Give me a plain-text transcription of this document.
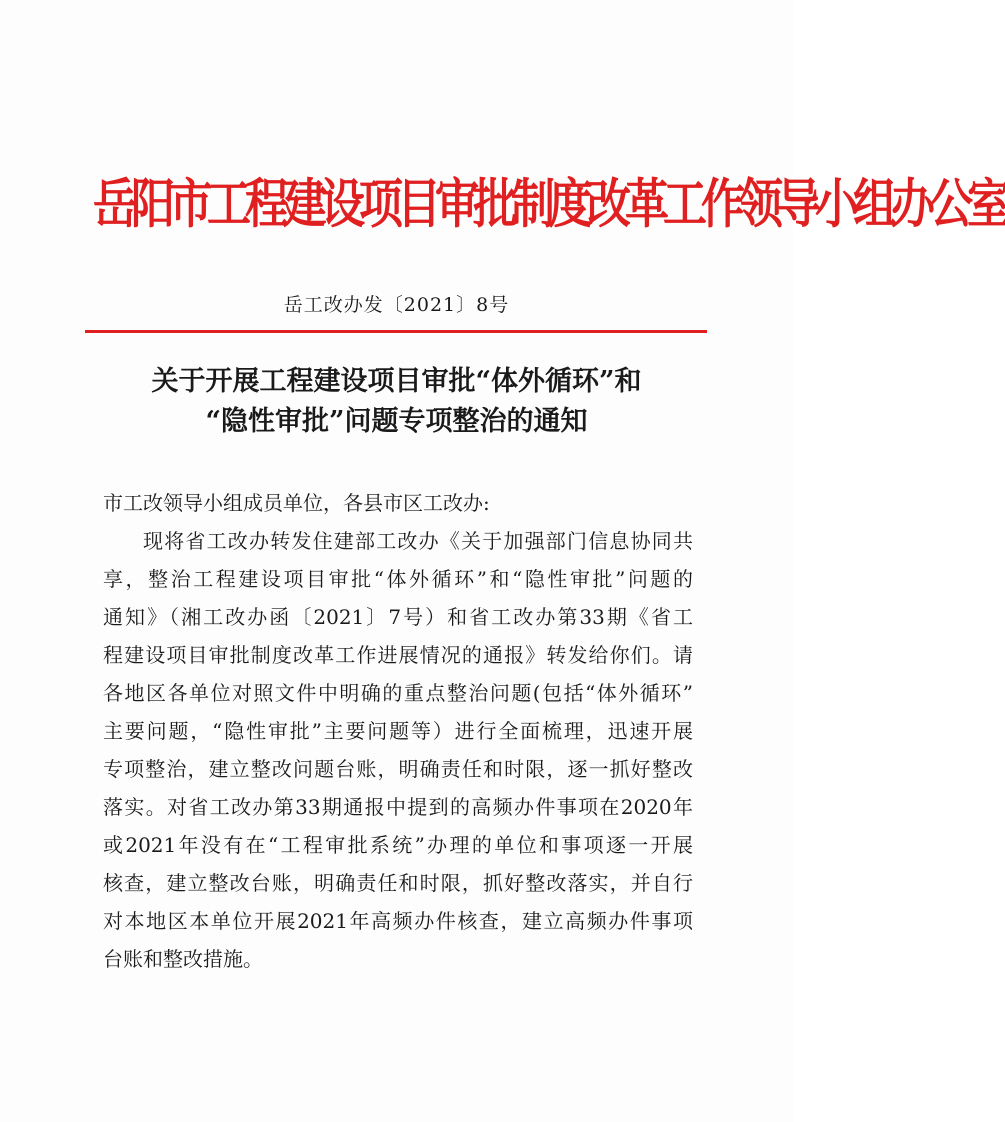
岳阳市工程建设项目审批制度改革工作领导小组办公室
岳工改办发〔2021〕8号
关于开展工程建设项目审批“体外循环”和
“隐性审批”问题专项整治的通知

市工改领导小组成员单位，各县市区工改办:

现将省工改办转发住建部工改办《关于加强部门信息协同共
享，整治工程建设项目审批“体外循环”和“隐性审批”问题的
通知》（湘工改办函〔2021〕7号）和省工改办第33期《省工
程建设项目审批制度改革工作进展情况的通报》转发给你们。请
各地区各单位对照文件中明确的重点整治问题(包括“体外循环”
主要问题，“隐性审批”主要问题等）进行全面梳理，迅速开展
专项整治，建立整改问题台账，明确责任和时限，逐一抓好整改
落实。对省工改办第33期通报中提到的高频办件事项在2020年
或2021年没有在“工程审批系统”办理的单位和事项逐一开展
核查，建立整改台账，明确责任和时限，抓好整改落实，并自行
对本地区本单位开展2021年高频办件核查，建立高频办件事项
台账和整改措施。
